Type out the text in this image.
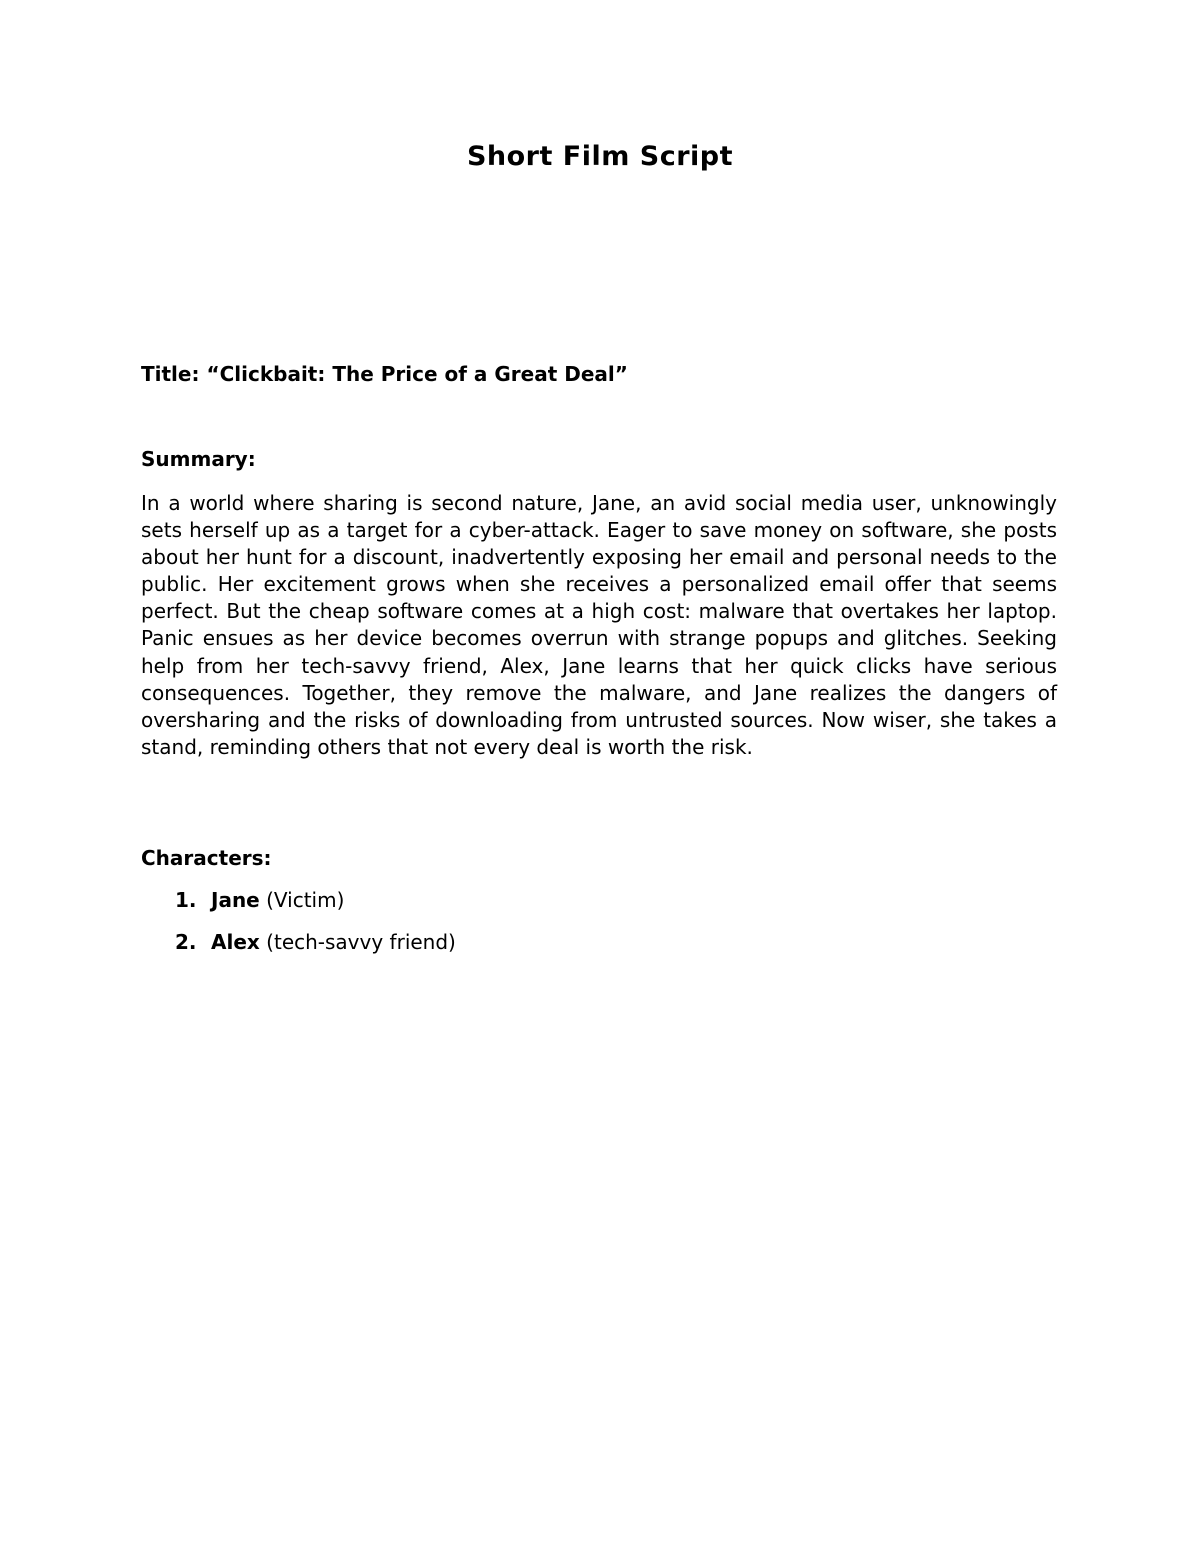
Short Film Script

Title: “Clickbait: The Price of a Great Deal”

Summary:

In a world where sharing is second nature, Jane, an avid social media user, unknowingly sets herself up as a target for a cyber-attack. Eager to save money on software, she posts about her hunt for a discount, inadvertently exposing her email and personal needs to the public. Her excitement grows when she receives a personalized email offer that seems perfect. But the cheap software comes at a high cost: malware that overtakes her laptop. Panic ensues as her device becomes overrun with strange popups and glitches. Seeking help from her tech-savvy friend, Alex, Jane learns that her quick clicks have serious consequences. Together, they remove the malware, and Jane realizes the dangers of oversharing and the risks of downloading from untrusted sources. Now wiser, she takes a stand, reminding others that not every deal is worth the risk.

Characters:

1. Jane (Victim)
2. Alex (tech-savvy friend)
